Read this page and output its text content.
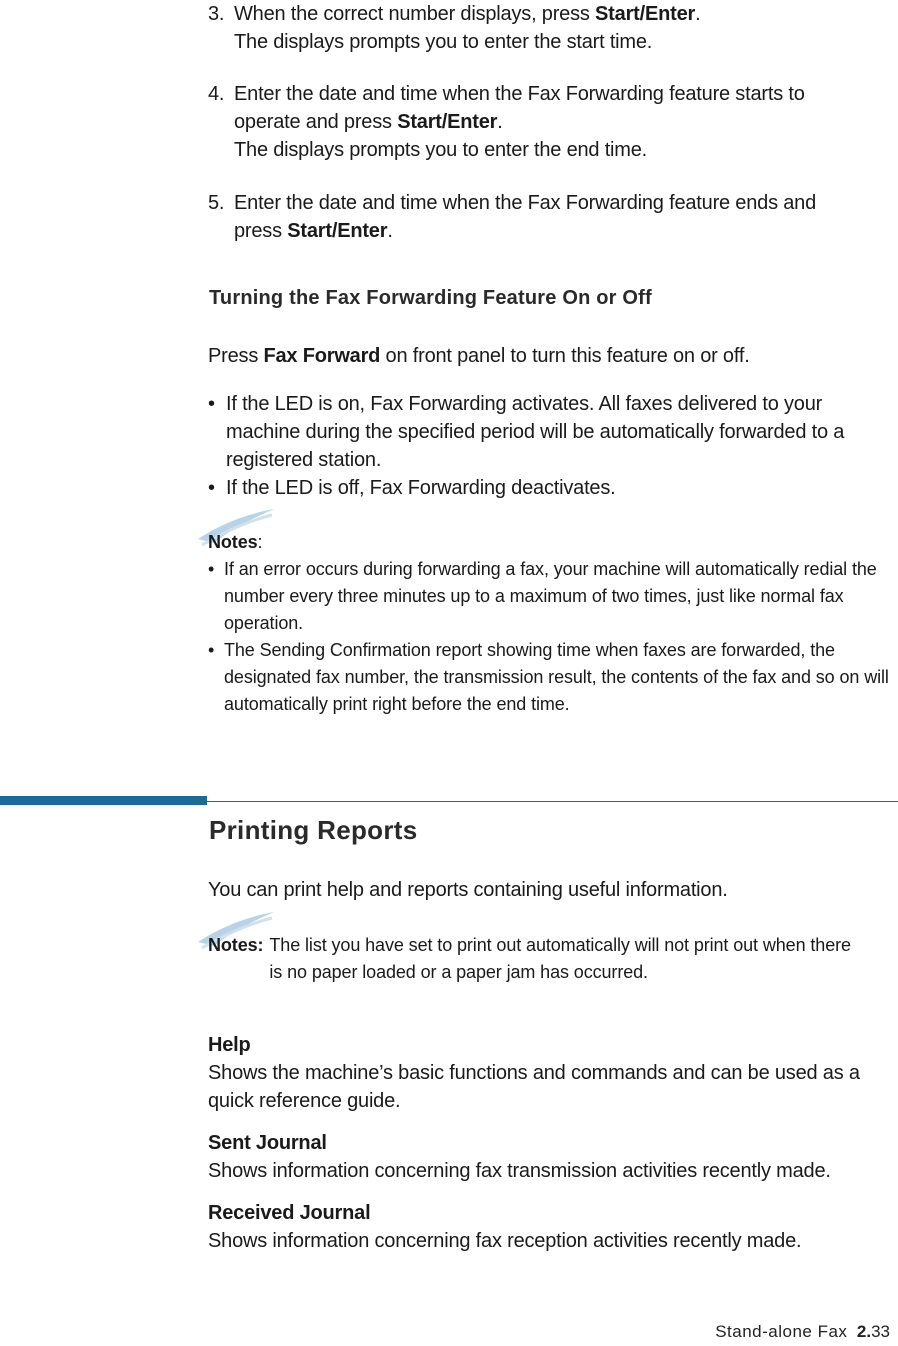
3. When the correct number displays, press Start/Enter.
The displays prompts you to enter the start time.
4. Enter the date and time when the Fax Forwarding feature starts to operate and press Start/Enter.
The displays prompts you to enter the end time.
5. Enter the date and time when the Fax Forwarding feature ends and press Start/Enter.
Turning the Fax Forwarding Feature On or Off
Press Fax Forward on front panel to turn this feature on or off.
• If the LED is on, Fax Forwarding activates. All faxes delivered to your machine during the specified period will be automatically forwarded to a registered station.
• If the LED is off, Fax Forwarding deactivates.
Notes:
• If an error occurs during forwarding a fax, your machine will automatically redial the number every three minutes up to a maximum of two times, just like normal fax operation.
• The Sending Confirmation report showing time when faxes are forwarded, the designated fax number, the transmission result, the contents of the fax and so on will automatically print right before the end time.
Printing Reports
You can print help and reports containing useful information.
Notes: The list you have set to print out automatically will not print out when there is no paper loaded or a paper jam has occurred.
Help
Shows the machine’s basic functions and commands and can be used as a quick reference guide.
Sent Journal
Shows information concerning fax transmission activities recently made.
Received Journal
Shows information concerning fax reception activities recently made.
Stand-alone Fax 2.33
